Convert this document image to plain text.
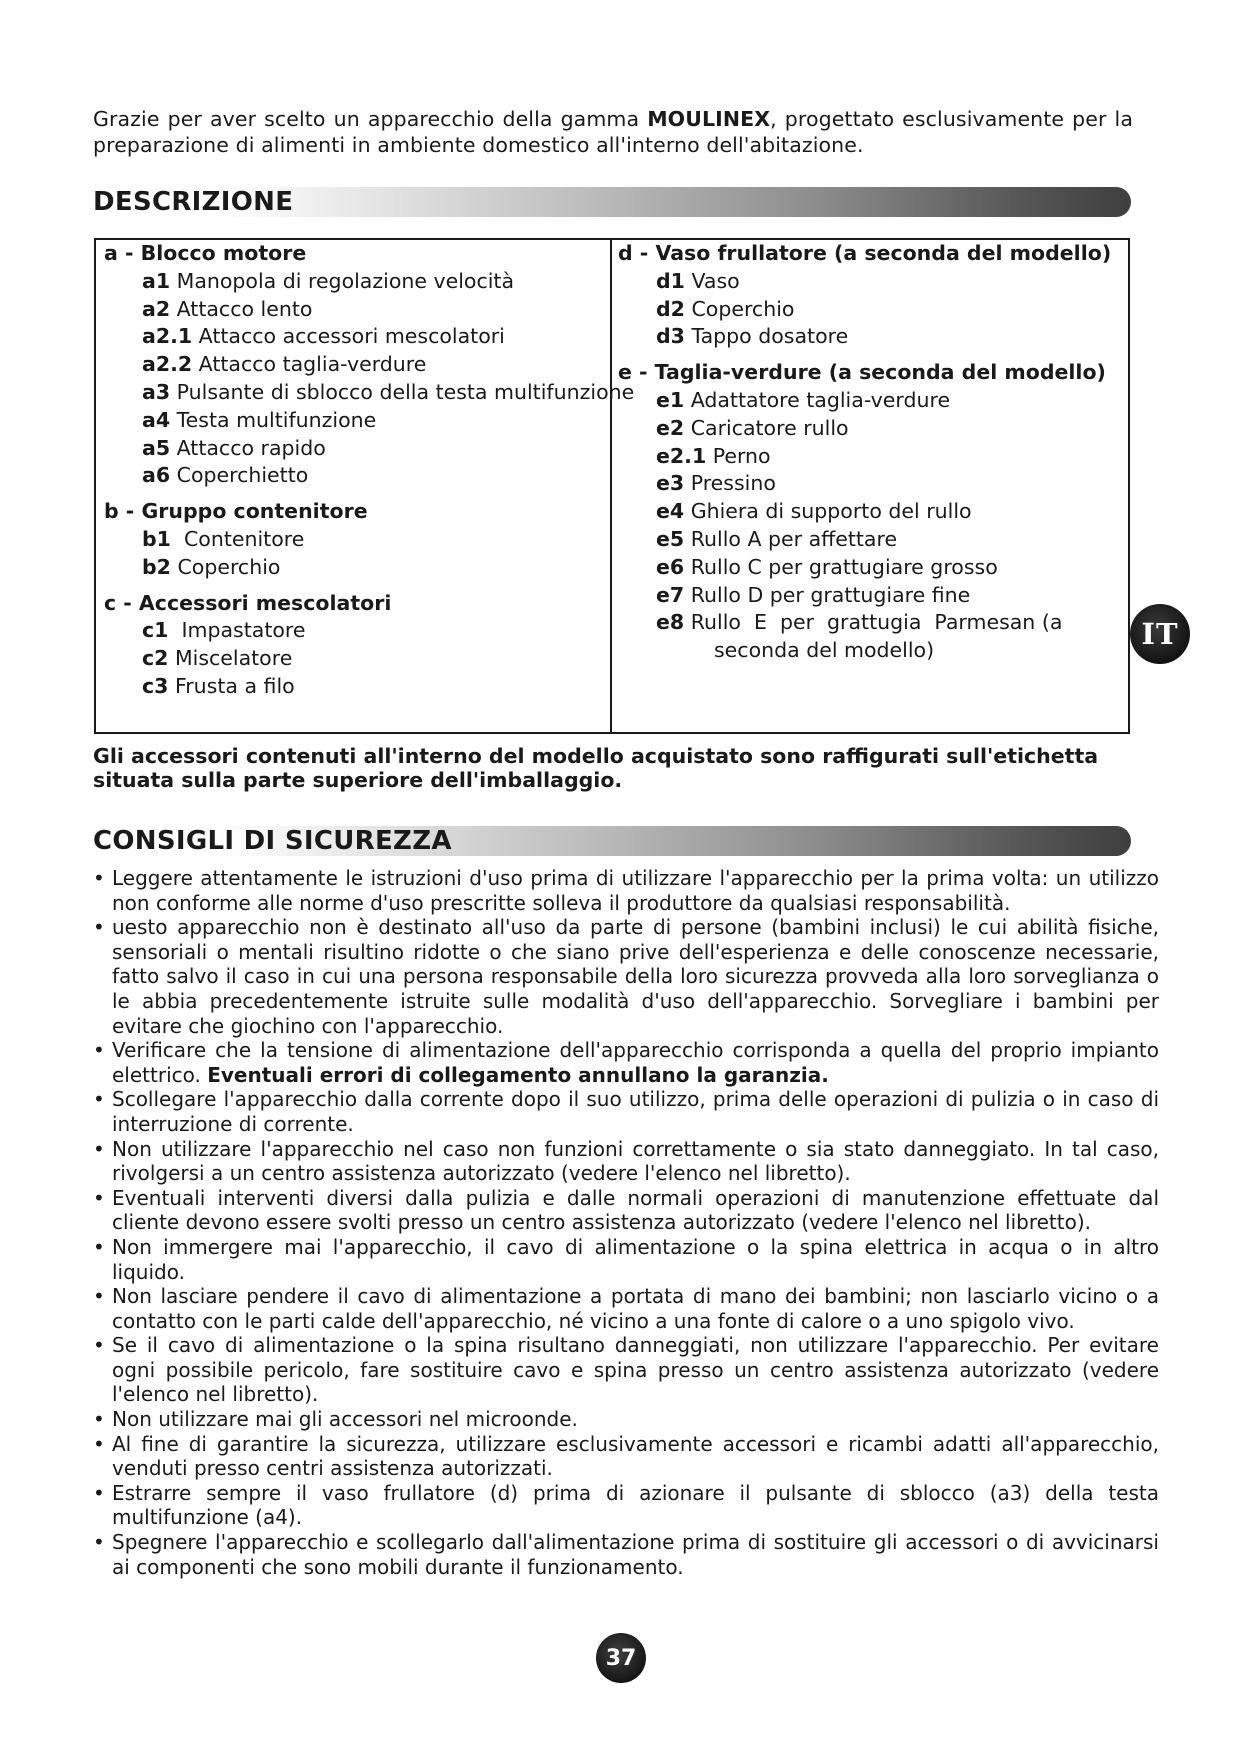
Grazie per aver scelto un apparecchio della gamma MOULINEX, progettato esclusivamente per la preparazione di alimenti in ambiente domestico all'interno dell'abitazione.

DESCRIZIONE
a - Blocco motore
a1 Manopola di regolazione velocità
a2 Attacco lento
a2.1 Attacco accessori mescolatori
a2.2 Attacco taglia-verdure
a3 Pulsante di sblocco della testa multifunzione
a4 Testa multifunzione
a5 Attacco rapido
a6 Coperchietto
b - Gruppo contenitore
b1  Contenitore
b2 Coperchio
c - Accessori mescolatori
c1  Impastatore
c2 Miscelatore
c3 Frusta a filo
d - Vaso frullatore (a seconda del modello)
d1 Vaso
d2 Coperchio
d3 Tappo dosatore
e - Taglia-verdure (a seconda del modello)
e1 Adattatore taglia-verdure
e2 Caricatore rullo
e2.1 Perno
e3 Pressino
e4 Ghiera di supporto del rullo
e5 Rullo A per affettare
e6 Rullo C per grattugiare grosso
e7 Rullo D per grattugiare fine
e8 Rullo  E  per  grattugia  Parmesan (a
seconda del modello)

Gli accessori contenuti all'interno del modello acquistato sono raffigurati sull'etichetta situata sulla parte superiore dell'imballaggio.

CONSIGLI DI SICUREZZA
• Leggere attentamente le istruzioni d'uso prima di utilizzare l'apparecchio per la prima volta: un utilizzo non conforme alle norme d'uso prescritte solleva il produttore da qualsiasi responsabilità.
• uesto apparecchio non è destinato all'uso da parte di persone (bambini inclusi) le cui abilità fisiche, sensoriali o mentali risultino ridotte o che siano prive dell'esperienza e delle conoscenze necessarie, fatto salvo il caso in cui una persona responsabile della loro sicurezza provveda alla loro sorveglianza o le abbia precedentemente istruite sulle modalità d'uso dell'apparecchio. Sorvegliare i bambini per evitare che giochino con l'apparecchio.
• Verificare che la tensione di alimentazione dell'apparecchio corrisponda a quella del proprio impianto elettrico. Eventuali errori di collegamento annullano la garanzia.
• Scollegare l'apparecchio dalla corrente dopo il suo utilizzo, prima delle operazioni di pulizia o in caso di interruzione di corrente.
• Non utilizzare l'apparecchio nel caso non funzioni correttamente o sia stato danneggiato. In tal caso, rivolgersi a un centro assistenza autorizzato (vedere l'elenco nel libretto).
• Eventuali interventi diversi dalla pulizia e dalle normali operazioni di manutenzione effettuate dal cliente devono essere svolti presso un centro assistenza autorizzato (vedere l'elenco nel libretto).
• Non immergere mai l'apparecchio, il cavo di alimentazione o la spina elettrica in acqua o in altro liquido.
• Non lasciare pendere il cavo di alimentazione a portata di mano dei bambini; non lasciarlo vicino o a contatto con le parti calde dell'apparecchio, né vicino a una fonte di calore o a uno spigolo vivo.
• Se il cavo di alimentazione o la spina risultano danneggiati, non utilizzare l'apparecchio. Per evitare ogni possibile pericolo, fare sostituire cavo e spina presso un centro assistenza autorizzato (vedere l'elenco nel libretto).
• Non utilizzare mai gli accessori nel microonde.
• Al fine di garantire la sicurezza, utilizzare esclusivamente accessori e ricambi adatti all'apparecchio, venduti presso centri assistenza autorizzati.
• Estrarre sempre il vaso frullatore (d) prima di azionare il pulsante di sblocco (a3) della testa multifunzione (a4).
• Spegnere l'apparecchio e scollegarlo dall'alimentazione prima di sostituire gli accessori o di avvicinarsi ai componenti che sono mobili durante il funzionamento.
IT
37
